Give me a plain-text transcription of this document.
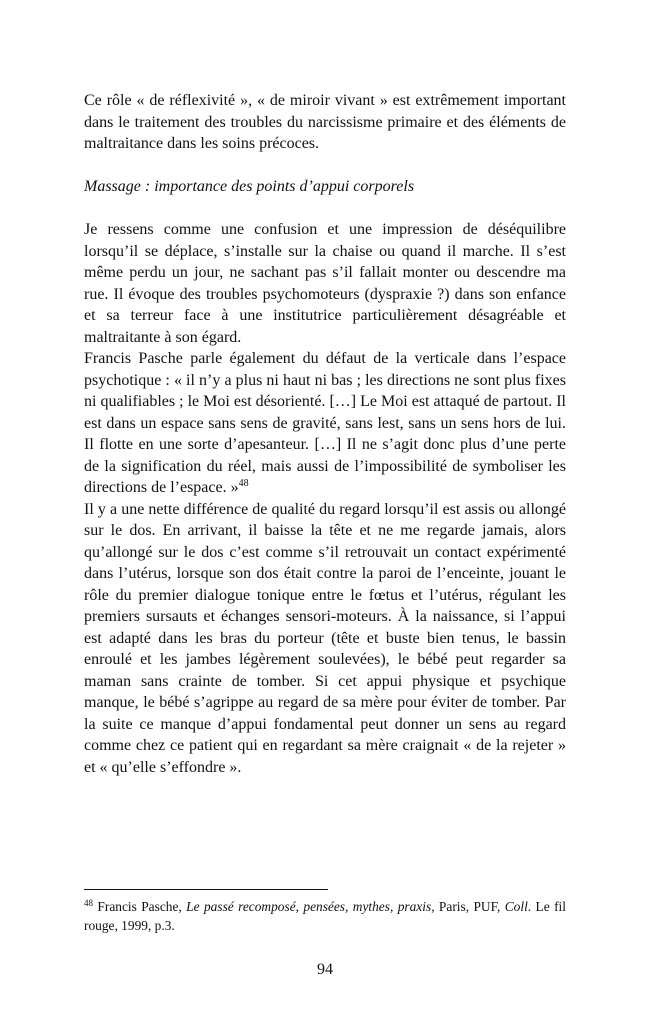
Ce rôle « de réflexivité », « de miroir vivant » est extrêmement important dans le traitement des troubles du narcissisme primaire et des éléments de maltraitance dans les soins précoces.

Massage : importance des points d’appui corporels

Je ressens comme une confusion et une impression de déséquilibre lorsqu’il se déplace, s’installe sur la chaise ou quand il marche. Il s’est même perdu un jour, ne sachant pas s’il fallait monter ou descendre ma rue. Il évoque des troubles psychomoteurs (dyspraxie ?) dans son enfance et sa terreur face à une institutrice particulièrement désagréable et maltraitante à son égard.

Francis Pasche parle également du défaut de la verticale dans l’espace psychotique : « il n’y a plus ni haut ni bas ; les directions ne sont plus fixes ni qualifiables ; le Moi est désorienté. […] Le Moi est attaqué de partout. Il est dans un espace sans sens de gravité, sans lest, sans un sens hors de lui. Il flotte en une sorte d’apesanteur. […] Il ne s’agit donc plus d’une perte de la signification du réel, mais aussi de l’impossibilité de symboliser les directions de l’espace. »$^{48}$

Il y a une nette différence de qualité du regard lorsqu’il est assis ou allongé sur le dos. En arrivant, il baisse la tête et ne me regarde jamais, alors qu’allongé sur le dos c’est comme s’il retrouvait un contact expérimenté dans l’utérus, lorsque son dos était contre la paroi de l’enceinte, jouant le rôle du premier dialogue tonique entre le fœtus et l’utérus, régulant les premiers sursauts et échanges sensori-moteurs. À la naissance, si l’appui est adapté dans les bras du porteur (tête et buste bien tenus, le bassin enroulé et les jambes légèrement soulevées), le bébé peut regarder sa maman sans crainte de tomber. Si cet appui physique et psychique manque, le bébé s’agrippe au regard de sa mère pour éviter de tomber. Par la suite ce manque d’appui fondamental peut donner un sens au regard comme chez ce patient qui en regardant sa mère craignait « de la rejeter » et « qu’elle s’effondre ».

$^{48}$ Francis Pasche, Le passé recomposé, pensées, mythes, praxis, Paris, PUF, Coll. Le fil rouge, 1999, p.3.

94
